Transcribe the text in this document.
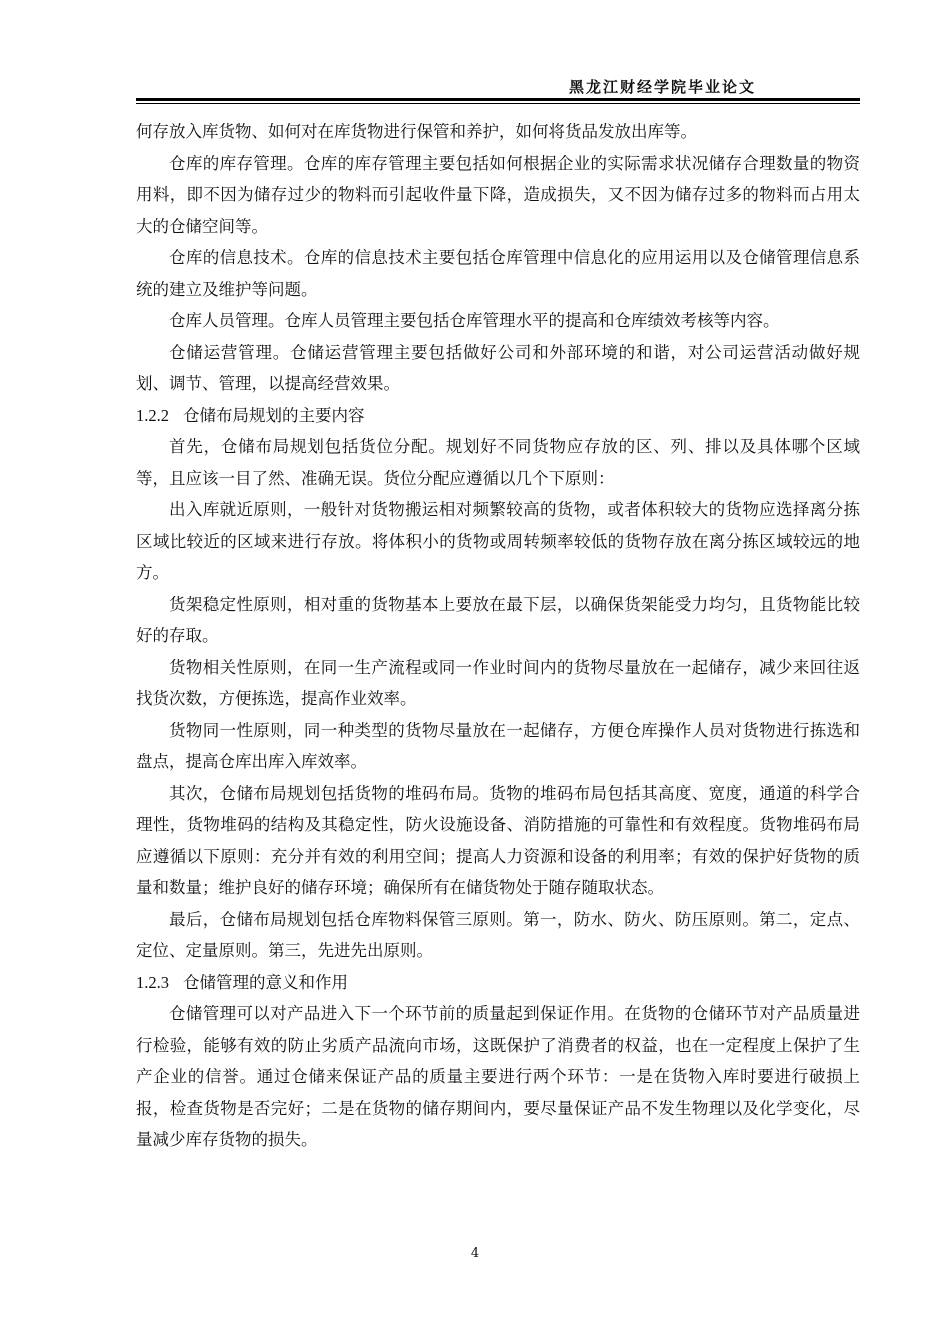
黑龙江财经学院毕业论文

何存放入库货物、如何对在库货物进行保管和养护，如何将货品发放出库等。

仓库的库存管理。仓库的库存管理主要包括如何根据企业的实际需求状况储存合理数量的物资用料，即不因为储存过少的物料而引起收件量下降，造成损失，又不因为储存过多的物料而占用太大的仓储空间等。

仓库的信息技术。仓库的信息技术主要包括仓库管理中信息化的应用运用以及仓储管理信息系统的建立及维护等问题。

仓库人员管理。仓库人员管理主要包括仓库管理水平的提高和仓库绩效考核等内容。

仓储运营管理。仓储运营管理主要包括做好公司和外部环境的和谐，对公司运营活动做好规划、调节、管理，以提高经营效果。

1.2.2 仓储布局规划的主要内容

首先，仓储布局规划包括货位分配。规划好不同货物应存放的区、列、排以及具体哪个区域等，且应该一目了然、准确无误。货位分配应遵循以几个下原则：

出入库就近原则，一般针对货物搬运相对频繁较高的货物，或者体积较大的货物应选择离分拣区域比较近的区域来进行存放。将体积小的货物或周转频率较低的货物存放在离分拣区域较远的地方。

货架稳定性原则，相对重的货物基本上要放在最下层，以确保货架能受力均匀，且货物能比较好的存取。

货物相关性原则，在同一生产流程或同一作业时间内的货物尽量放在一起储存，减少来回往返找货次数，方便拣选，提高作业效率。

货物同一性原则，同一种类型的货物尽量放在一起储存，方便仓库操作人员对货物进行拣选和盘点，提高仓库出库入库效率。

其次，仓储布局规划包括货物的堆码布局。货物的堆码布局包括其高度、宽度，通道的科学合理性，货物堆码的结构及其稳定性，防火设施设备、消防措施的可靠性和有效程度。货物堆码布局应遵循以下原则：充分并有效的利用空间；提高人力资源和设备的利用率；有效的保护好货物的质量和数量；维护良好的储存环境；确保所有在储货物处于随存随取状态。

最后，仓储布局规划包括仓库物料保管三原则。第一，防水、防火、防压原则。第二，定点、定位、定量原则。第三，先进先出原则。

1.2.3 仓储管理的意义和作用

仓储管理可以对产品进入下一个环节前的质量起到保证作用。在货物的仓储环节对产品质量进行检验，能够有效的防止劣质产品流向市场，这既保护了消费者的权益，也在一定程度上保护了生产企业的信誉。通过仓储来保证产品的质量主要进行两个环节：一是在货物入库时要进行破损上报，检查货物是否完好；二是在货物的储存期间内，要尽量保证产品不发生物理以及化学变化，尽量减少库存货物的损失。

4
